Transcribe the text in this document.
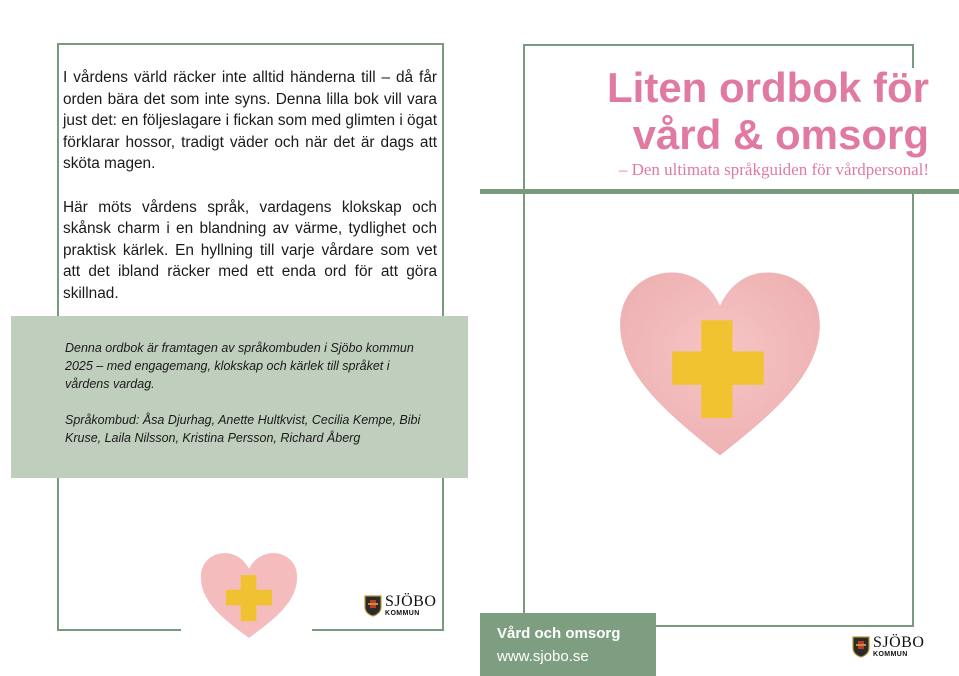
I vårdens värld räcker inte alltid händerna till – då får orden bära det som inte syns. Denna lilla bok vill vara just det: en följeslagare i fickan som med glimten i ögat förklarar hossor, tradigt väder och när det är dags att sköta magen.

Här möts vårdens språk, vardagens klokskap och skånsk charm i en blandning av värme, tydlighet och praktisk kärlek. En hyllning till varje vårdare som vet att det ibland räcker med ett enda ord för att göra skillnad.

Denna ordbok är framtagen av språkombuden i Sjöbo kommun 2025 – med engagemang, klokskap och kärlek till språket i vårdens vardag.

Språkombud: Åsa Djurhag, Anette Hultkvist, Cecilia Kempe, Bibi Kruse, Laila Nilsson, Kristina Persson, Richard Åberg

SJÖBO
KOMMUN
Liten ordbok för
vård & omsorg
– Den ultimata språkguiden för vårdpersonal!
Vård och omsorg
www.sjobo.se
SJÖBO
KOMMUN
